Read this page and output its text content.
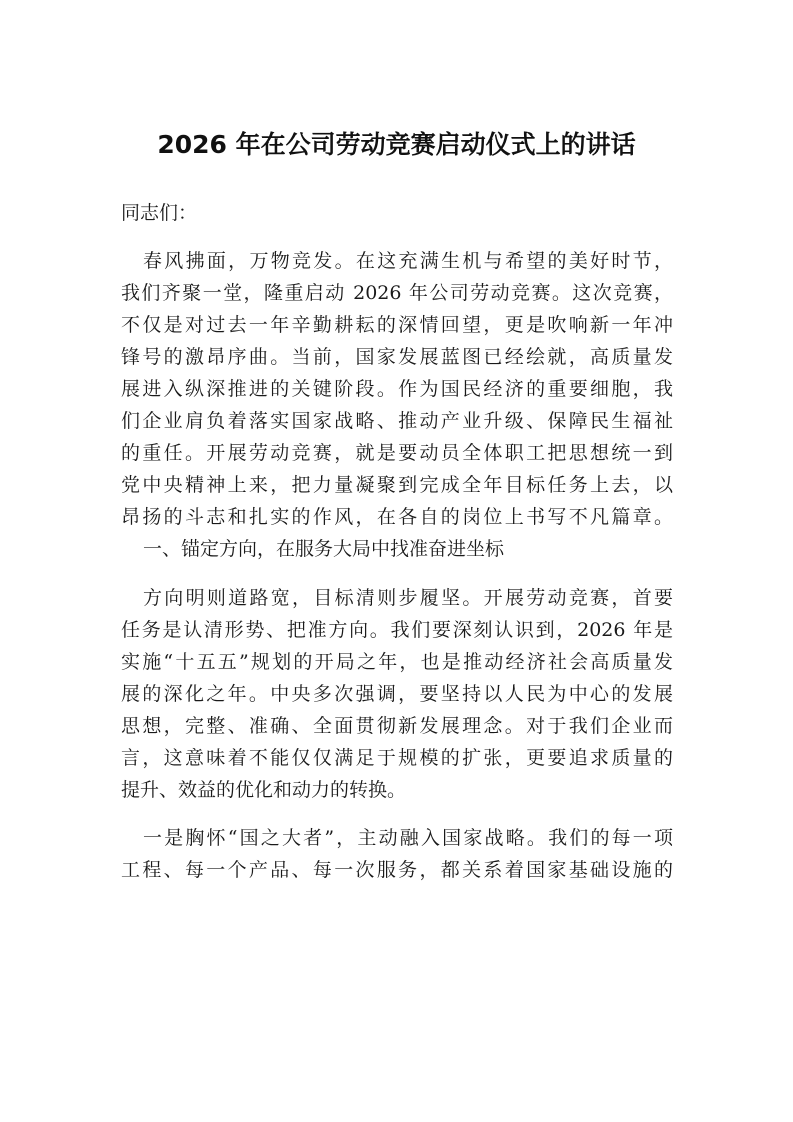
2026 年在公司劳动竞赛启动仪式上的讲话
同志们：
春风拂面，万物竞发。在这充满生机与希望的美好时节，
我们齐聚一堂，隆重启动 2026 年公司劳动竞赛。这次竞赛，
不仅是对过去一年辛勤耕耘的深情回望，更是吹响新一年冲
锋号的激昂序曲。当前，国家发展蓝图已经绘就，高质量发
展进入纵深推进的关键阶段。作为国民经济的重要细胞，我
们企业肩负着落实国家战略、推动产业升级、保障民生福祉
的重任。开展劳动竞赛，就是要动员全体职工把思想统一到
党中央精神上来，把力量凝聚到完成全年目标任务上去，以
昂扬的斗志和扎实的作风，在各自的岗位上书写不凡篇章。
一、锚定方向，在服务大局中找准奋进坐标
方向明则道路宽，目标清则步履坚。开展劳动竞赛，首要
任务是认清形势、把准方向。我们要深刻认识到，2026 年是
实施“十五五”规划的开局之年，也是推动经济社会高质量发
展的深化之年。中央多次强调，要坚持以人民为中心的发展
思想，完整、准确、全面贯彻新发展理念。对于我们企业而
言，这意味着不能仅仅满足于规模的扩张，更要追求质量的
提升、效益的优化和动力的转换。
一是胸怀“国之大者”，主动融入国家战略。我们的每一项
工程、每一个产品、每一次服务，都关系着国家基础设施的
